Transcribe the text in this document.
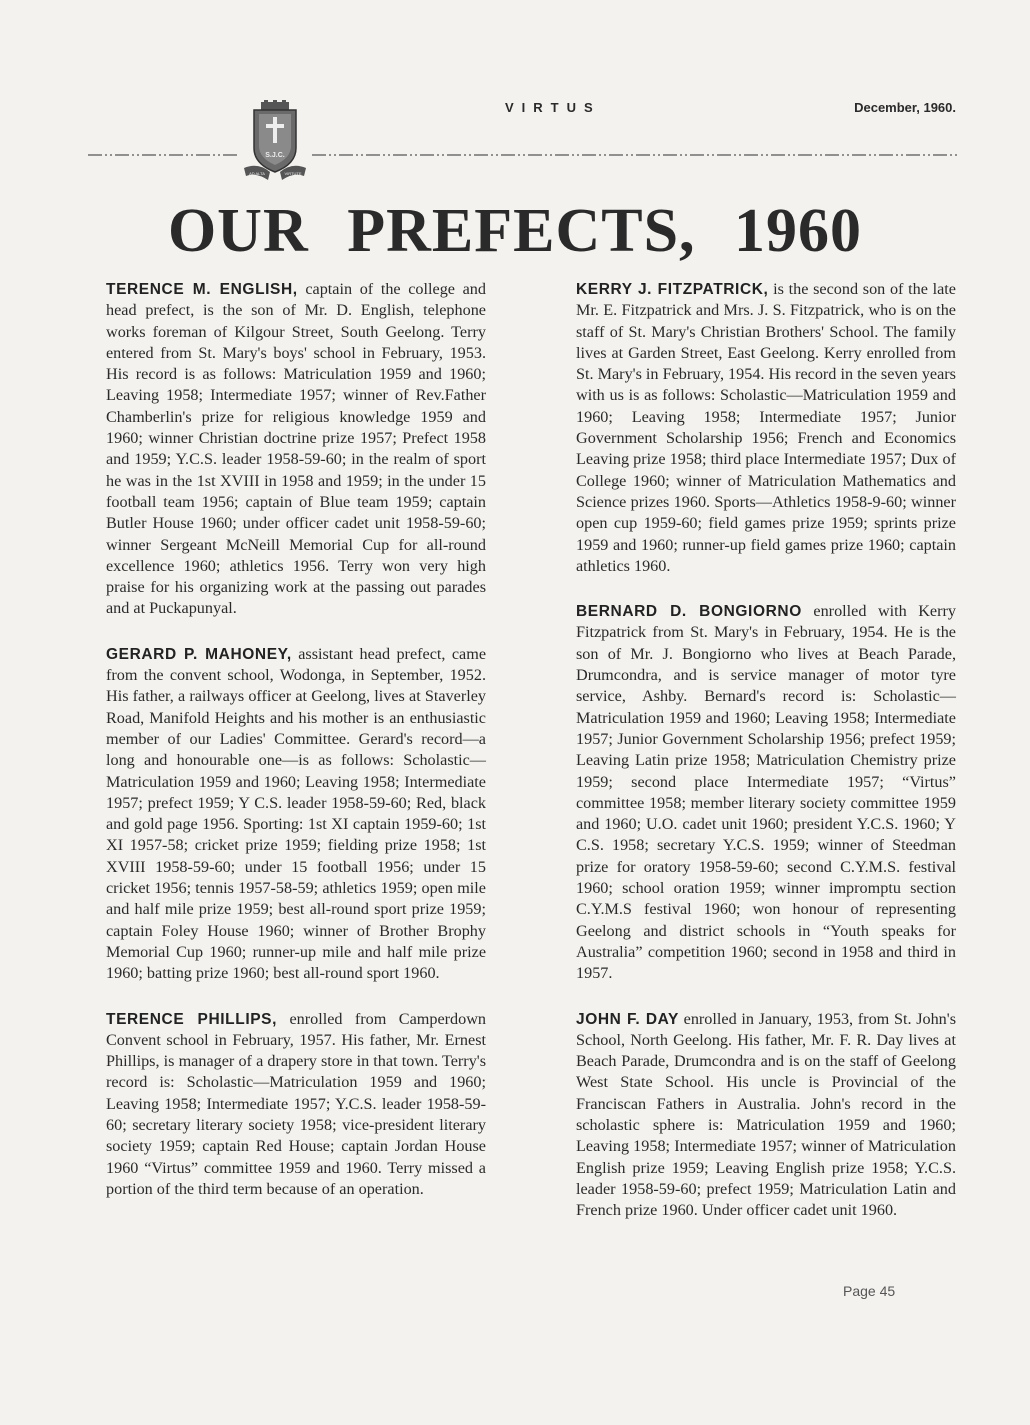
S.J.C.
AD ALTA	VIRTUTE
VIRTUS	December, 1960.
OUR PREFECTS, 1960

TERENCE M. ENGLISH, captain of the college and head prefect, is the son of Mr. D. English, telephone works foreman of Kilgour Street, South Geelong. Terry entered from St. Mary's boys' school in February, 1953. His record is as follows: Matriculation 1959 and 1960; Leaving 1958; Intermediate 1957; winner of Rev.Father Chamberlin's prize for religious knowledge 1959 and 1960; winner Christian doctrine prize 1957; Prefect 1958 and 1959; Y.C.S. leader 1958-59-60; in the realm of sport he was in the 1st XVIII in 1958 and 1959; in the under 15 football team 1956; captain of Blue team 1959; captain Butler House 1960; under officer cadet unit 1958-59-60; winner Sergeant McNeill Memorial Cup for all-round excellence 1960; athletics 1956. Terry won very high praise for his organizing work at the passing out parades and at Puckapunyal.

GERARD P. MAHONEY, assistant head prefect, came from the convent school, Wodonga, in September, 1952. His father, a railways officer at Geelong, lives at Staverley Road, Manifold Heights and his mother is an enthusiastic member of our Ladies' Committee. Gerard's record—a long and honourable one—is as follows: Scholastic—Matriculation 1959 and 1960; Leaving 1958; Intermediate 1957; prefect 1959; Y C.S. leader 1958-59-60; Red, black and gold page 1956. Sporting: 1st XI captain 1959-60; 1st XI 1957-58; cricket prize 1959; fielding prize 1958; 1st XVIII 1958-59-60; under 15 football 1956; under 15 cricket 1956; tennis 1957-58-59; athletics 1959; open mile and half mile prize 1959; best all-round sport prize 1959; captain Foley House 1960; winner of Brother Brophy Memorial Cup 1960; runner-up mile and half mile prize 1960; batting prize 1960; best all-round sport 1960.

TERENCE PHILLIPS, enrolled from Camperdown Convent school in February, 1957. His father, Mr. Ernest Phillips, is manager of a drapery store in that town. Terry's record is: Scholastic—Matriculation 1959 and 1960; Leaving 1958; Intermediate 1957; Y.C.S. leader 1958-59-60; secretary literary society 1958; vice-president literary society 1959; captain Red House; captain Jordan House 1960 “Virtus” committee 1959 and 1960. Terry missed a portion of the third term because of an operation.

KERRY J. FITZPATRICK, is the second son of the late Mr. E. Fitzpatrick and Mrs. J. S. Fitzpatrick, who is on the staff of St. Mary's Christian Brothers' School. The family lives at Garden Street, East Geelong. Kerry enrolled from St. Mary's in February, 1954. His record in the seven years with us is as follows: Scholastic—Matriculation 1959 and 1960; Leaving 1958; Intermediate 1957; Junior Government Scholarship 1956; French and Economics Leaving prize 1958; third place Intermediate 1957; Dux of College 1960; winner of Matriculation Mathematics and Science prizes 1960. Sports—Athletics 1958-9-60; winner open cup 1959-60; field games prize 1959; sprints prize 1959 and 1960; runner-up field games prize 1960; captain athletics 1960.

BERNARD D. BONGIORNO enrolled with Kerry Fitzpatrick from St. Mary's in February, 1954. He is the son of Mr. J. Bongiorno who lives at Beach Parade, Drumcondra, and is service manager of motor tyre service, Ashby. Bernard's record is: Scholastic—Matriculation 1959 and 1960; Leaving 1958; Intermediate 1957; Junior Government Scholarship 1956; prefect 1959; Leaving Latin prize 1958; Matriculation Chemistry prize 1959; second place Intermediate 1957; “Virtus” committee 1958; member literary society committee 1959 and 1960; U.O. cadet unit 1960; president Y.C.S. 1960; Y C.S. 1958; secretary Y.C.S. 1959; winner of Steedman prize for oratory 1958-59-60; second C.Y.M.S. festival 1960; school oration 1959; winner impromptu section C.Y.M.S festival 1960; won honour of representing Geelong and district schools in “Youth speaks for Australia” competition 1960; second in 1958 and third in 1957.

JOHN F. DAY enrolled in January, 1953, from St. John's School, North Geelong. His father, Mr. F. R. Day lives at Beach Parade, Drumcondra and is on the staff of Geelong West State School. His uncle is Provincial of the Franciscan Fathers in Australia. John's record in the scholastic sphere is: Matriculation 1959 and 1960; Leaving 1958; Intermediate 1957; winner of Matriculation English prize 1959; Leaving English prize 1958; Y.C.S. leader 1958-59-60; prefect 1959; Matriculation Latin and French prize 1960. Under officer cadet unit 1960.

Page 45
